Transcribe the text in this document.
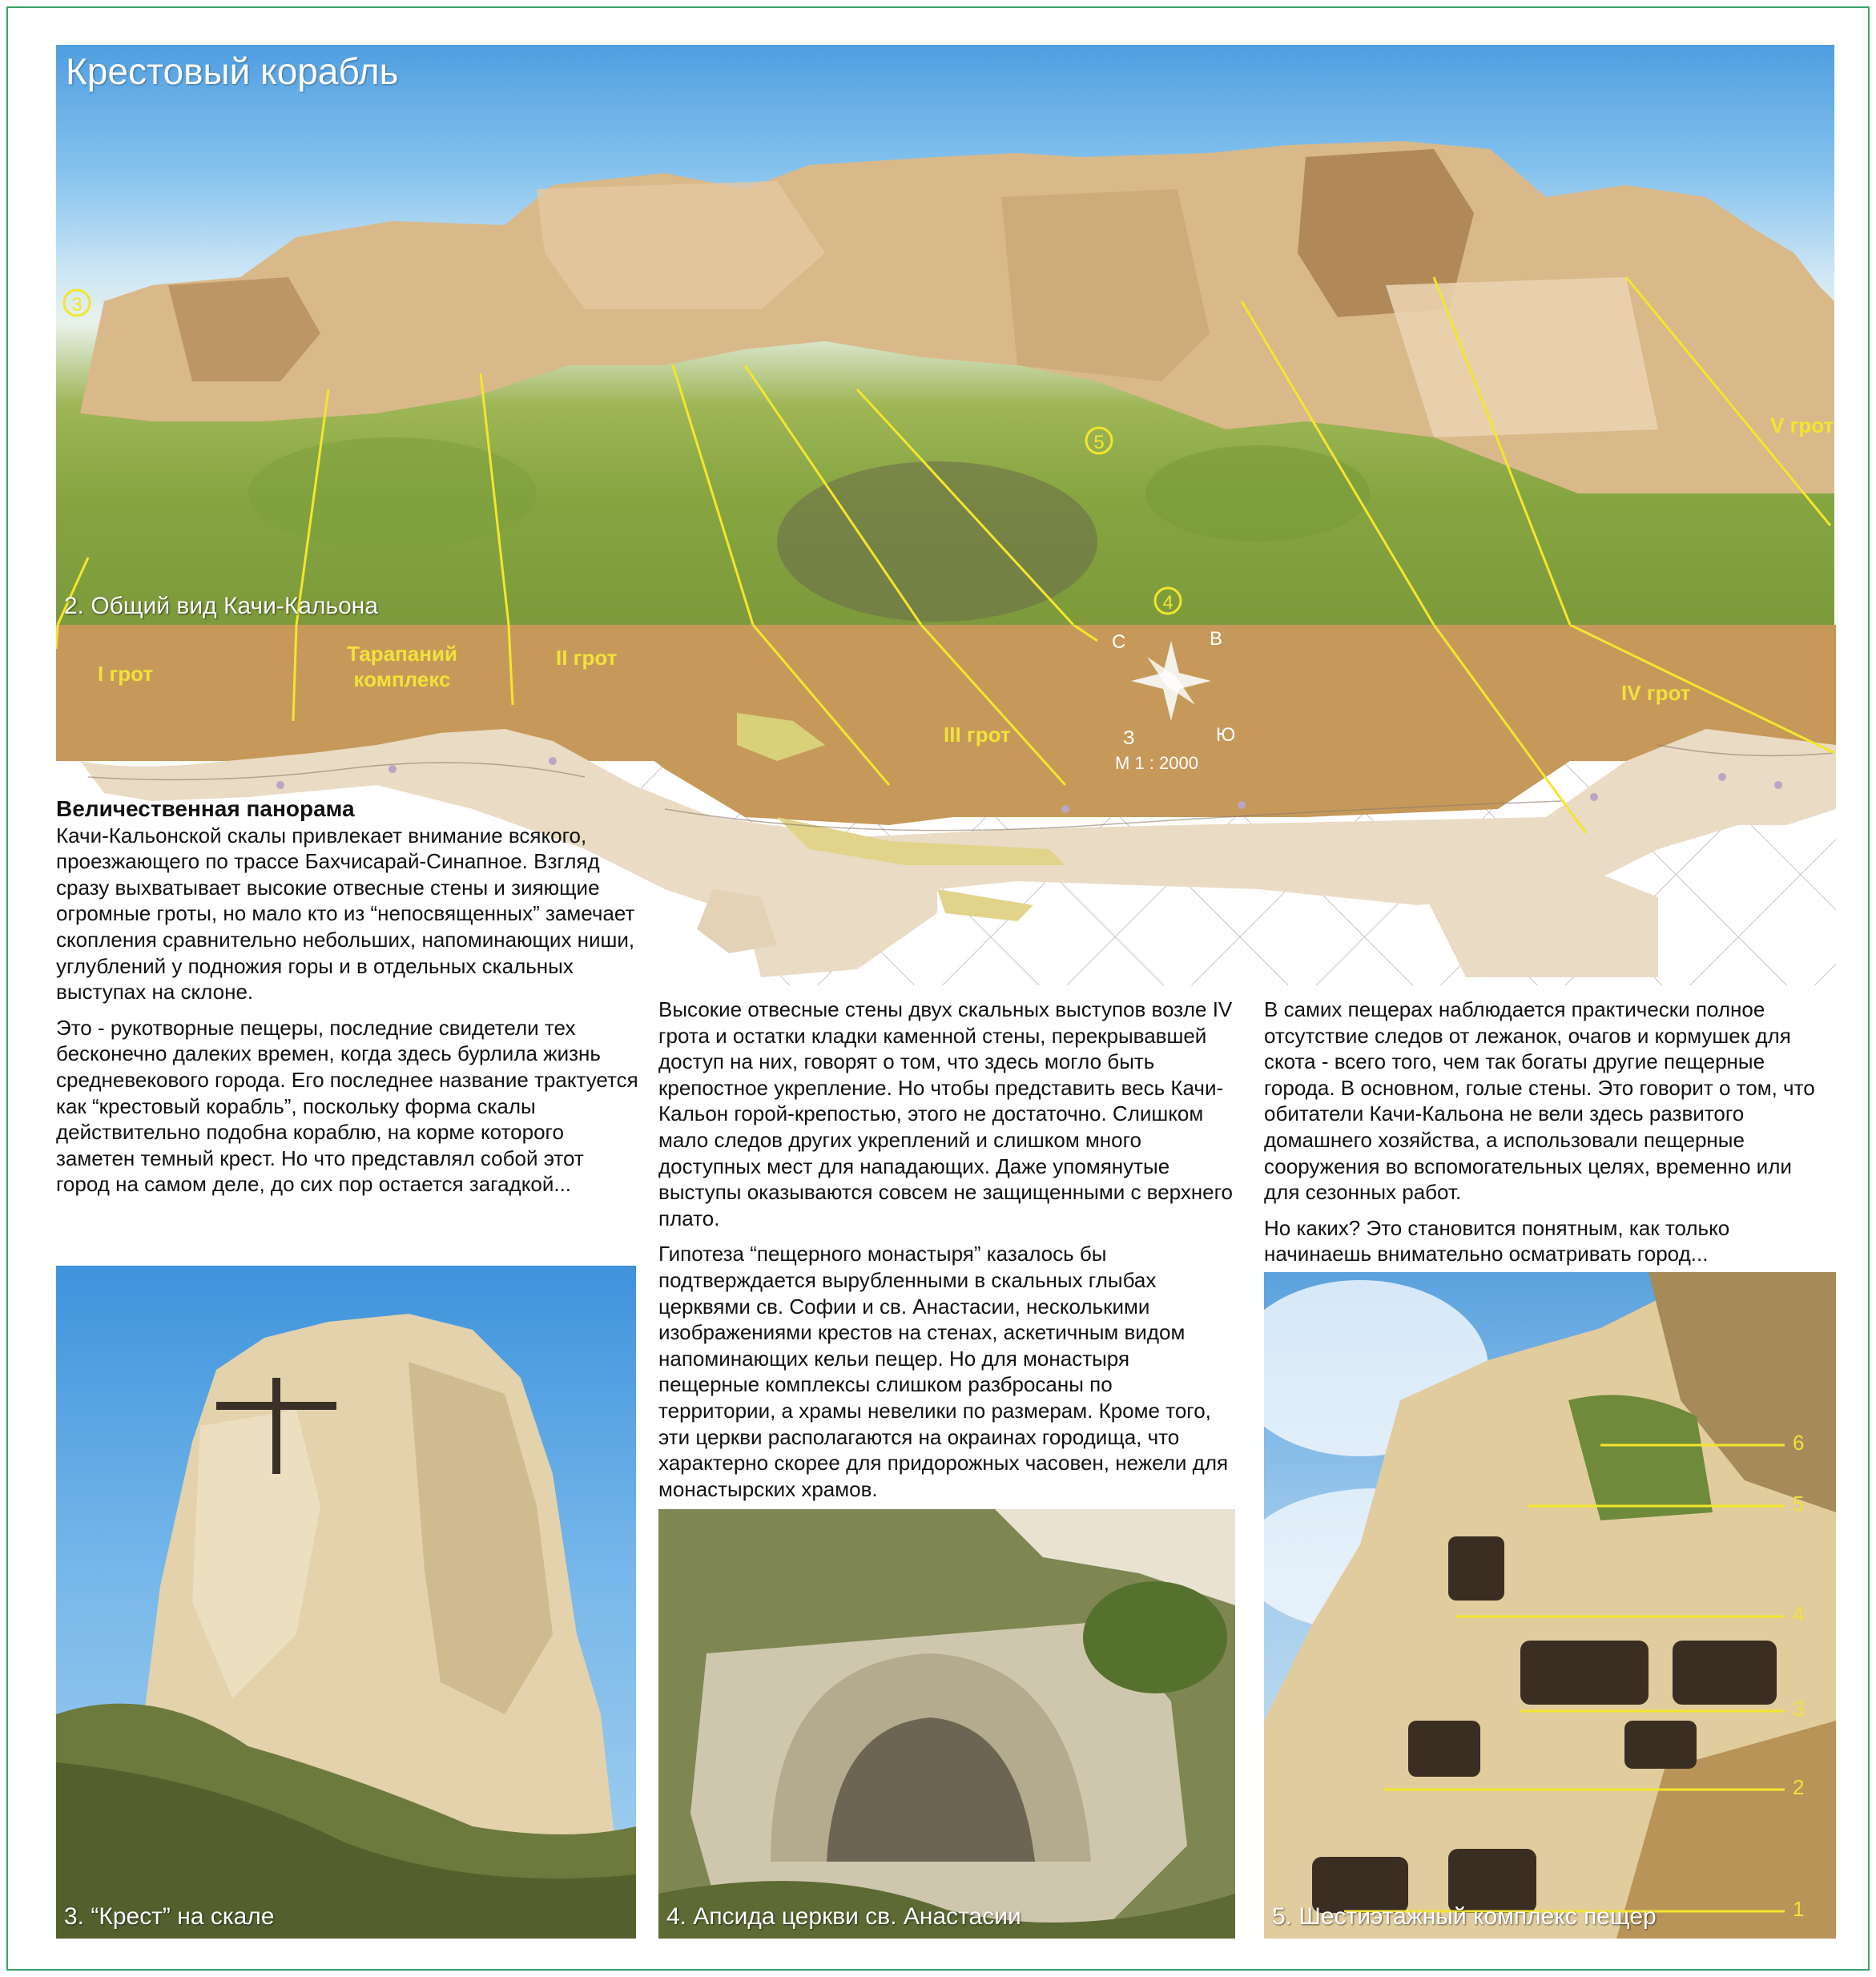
3
5
4
V грот
Крестовый корабль
2. Общий вид Качи-Кальона
I грот
Тарапаний комплекс
II грот
III грот
IV грот
С	В
З	Ю
М 1 : 2000
Величественная панорама

Качи-Кальонской скалы привлекает внимание всякого, проезжающего по трассе Бахчисарай-Синапное. Взгляд сразу выхватывает высокие отвесные стены и зияющие огромные гроты, но мало кто из “непосвященных” замечает скопления сравнительно небольших, напоминающих ниши, углублений у подножия горы и в отдельных скальных выступах на склоне.

Это - рукотворные пещеры, последние свидетели тех бесконечно далеких времен, когда здесь бурлила жизнь средневекового города. Его последнее название трактуется как “крестовый корабль”, поскольку форма скалы действительно подобна кораблю, на корме которого заметен темный крест. Но что представлял собой этот город на самом деле, до сих пор остается загадкой...

Высокие отвесные стены двух скальных выступов возле IV грота и остатки кладки каменной стены, перекрывавшей доступ на них, говорят о том, что здесь могло быть крепостное укрепление. Но чтобы представить весь Качи-Кальон горой-крепостью, этого не достаточно. Слишком мало следов других укреплений и слишком много доступных мест для нападающих. Даже упомянутые выступы оказываются совсем не защищенными с верхнего плато.

Гипотеза “пещерного монастыря” казалось бы подтверждается вырубленными в скальных глыбах церквями св. Софии и св. Анастасии, несколькими изображениями крестов на стенах, аскетичным видом напоминающих кельи пещер. Но для монастыря пещерные комплексы слишком разбросаны по территории, а храмы невелики по размерам. Кроме того, эти церкви располагаются на окраинах городища, что характерно скорее для придорожных часовен, нежели для монастырских храмов.

В самих пещерах наблюдается практически полное отсутствие следов от лежанок, очагов и кормушек для скота - всего того, чем так богаты другие пещерные города. В основном, голые стены. Это говорит о том, что обитатели Качи-Кальона не вели здесь развитого домашнего хозяйства, а использовали пещерные сооружения во вспомогательных целях, временно или для сезонных работ.

Но каких? Это становится понятным, как только начинаешь внимательно осматривать город...

3. “Крест” на скале	4. Апсида церкви св. Анастасии
6
5
4
3
2
1
5. Шестиэтажный комплекс пещер
